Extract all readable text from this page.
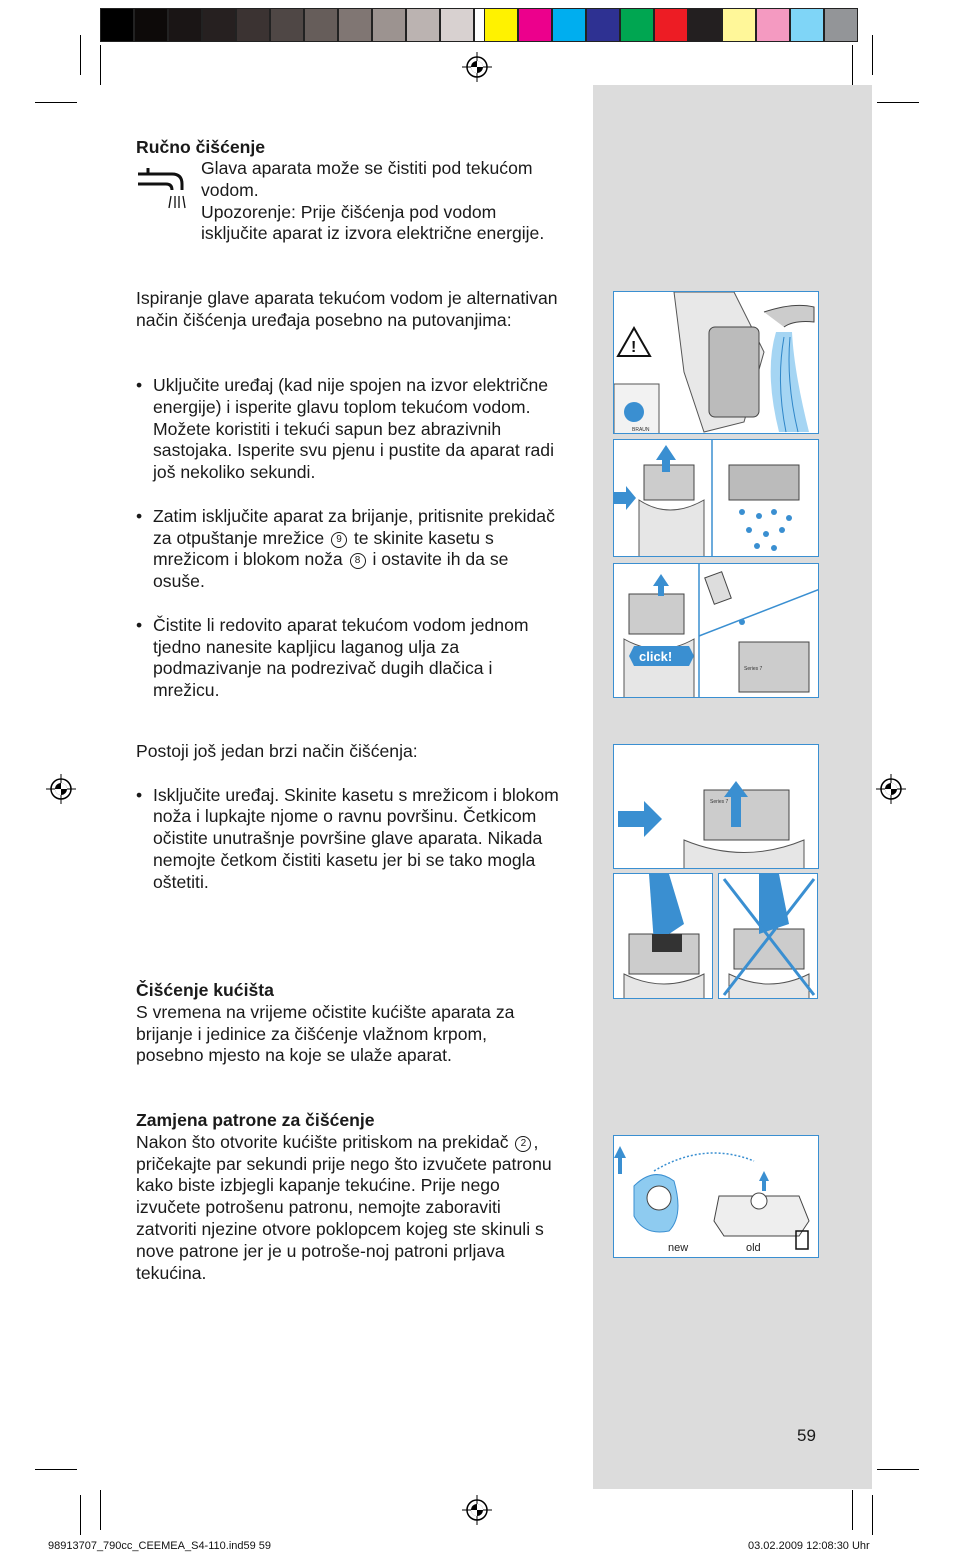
Ručno čišćenje

Glava aparata može se čistiti pod tekućom vodom.

Upozorenje: Prije čišćenja pod vodom isključite aparat iz izvora električne energije.

Ispiranje glave aparata tekućom vodom je alternativan način čišćenja uređaja posebno na putovanjima:

• Uključite uređaj (kad nije spojen na izvor električne energije) i isperite glavu toplom tekućom vodom. Možete koristiti i tekući sapun bez abrazivnih sastojaka. Isperite svu pjenu i pustite da aparat radi još nekoliko sekundi.

• Zatim isključite aparat za brijanje, pritisnite prekidač za otpuštanje mrežice 9 te skinite kasetu s mrežicom i blokom noža 8 i ostavite ih da se osuše.

• Čistite li redovito aparat tekućom vodom jednom tjedno nanesite kapljicu laganog ulja za podmazivanje na podrezivač dugih dlačica i mrežicu.

Postoji još jedan brzi način čišćenja:

• Isključite uređaj. Skinite kasetu s mrežicom i blokom noža i lupkajte njome o ravnu površinu. Četkicom očistite unutrašnje površine glave aparata. Nikada nemojte četkom čistiti kasetu jer bi se tako mogla oštetiti.

Čišćenje kućišta

S vremena na vrijeme očistite kućište aparata za brijanje i jedinice za čišćenje vlažnom krpom, posebno mjesto na koje se ulaže aparat.

Zamjena patrone za čišćenje

Nakon što otvorite kućište pritiskom na prekidač 2 , pričekajte par sekundi prije nego što izvučete patronu kako biste izbjegli kapanje tekućine. Prije nego izvučete potrošenu patronu, nemojte zaboraviti zatvoriti njezine otvore poklopcem kojeg ste skinuli s nove patrone jer je u potroše-noj patroni prljava tekućina.

!
BRAUN
click!
Series 7
Series 7
new	old
59
98913707_790cc_CEEMEA_S4-110.ind59 59	03.02.2009 12:08:30 Uhr
